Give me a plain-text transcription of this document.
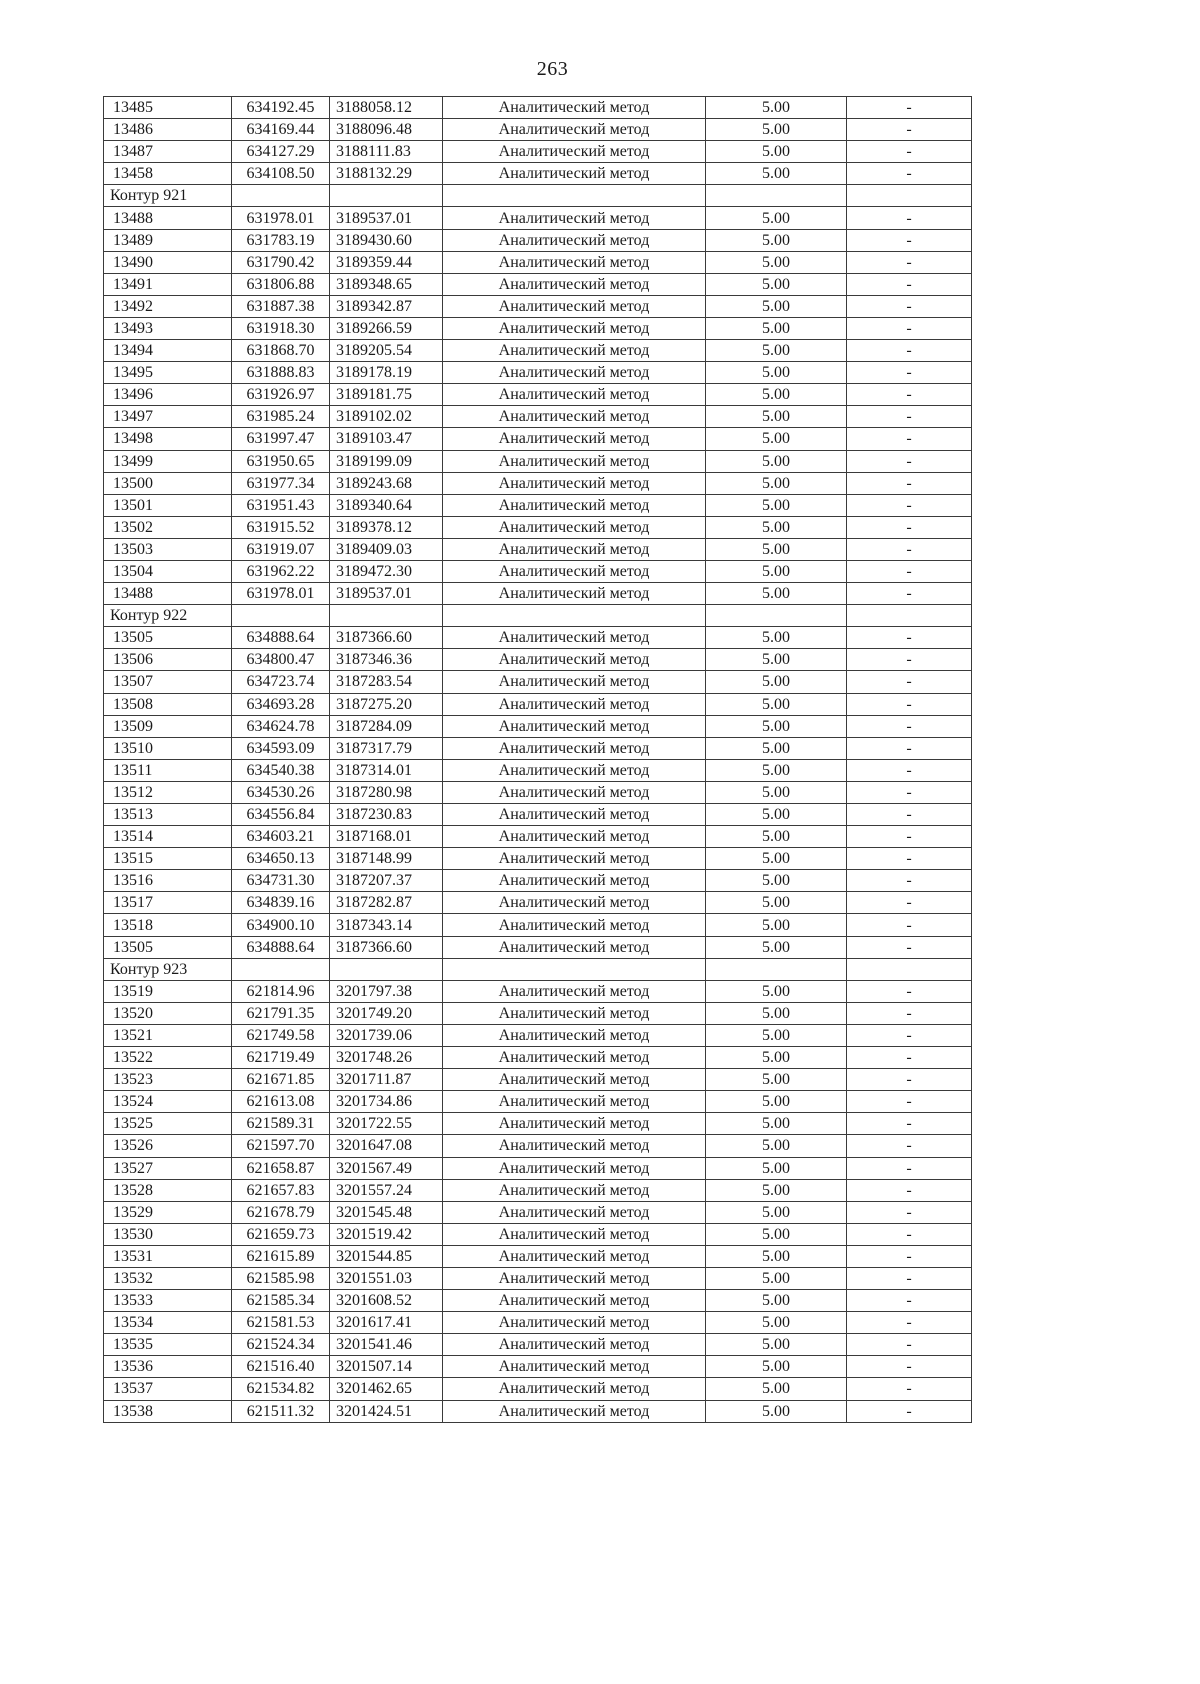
263
13485	634192.45	3188058.12	Аналитический метод	5.00	-
13486	634169.44	3188096.48	Аналитический метод	5.00	-
13487	634127.29	3188111.83	Аналитический метод	5.00	-
13458	634108.50	3188132.29	Аналитический метод	5.00	-
Контур 921					
13488	631978.01	3189537.01	Аналитический метод	5.00	-
13489	631783.19	3189430.60	Аналитический метод	5.00	-
13490	631790.42	3189359.44	Аналитический метод	5.00	-
13491	631806.88	3189348.65	Аналитический метод	5.00	-
13492	631887.38	3189342.87	Аналитический метод	5.00	-
13493	631918.30	3189266.59	Аналитический метод	5.00	-
13494	631868.70	3189205.54	Аналитический метод	5.00	-
13495	631888.83	3189178.19	Аналитический метод	5.00	-
13496	631926.97	3189181.75	Аналитический метод	5.00	-
13497	631985.24	3189102.02	Аналитический метод	5.00	-
13498	631997.47	3189103.47	Аналитический метод	5.00	-
13499	631950.65	3189199.09	Аналитический метод	5.00	-
13500	631977.34	3189243.68	Аналитический метод	5.00	-
13501	631951.43	3189340.64	Аналитический метод	5.00	-
13502	631915.52	3189378.12	Аналитический метод	5.00	-
13503	631919.07	3189409.03	Аналитический метод	5.00	-
13504	631962.22	3189472.30	Аналитический метод	5.00	-
13488	631978.01	3189537.01	Аналитический метод	5.00	-
Контур 922					
13505	634888.64	3187366.60	Аналитический метод	5.00	-
13506	634800.47	3187346.36	Аналитический метод	5.00	-
13507	634723.74	3187283.54	Аналитический метод	5.00	-
13508	634693.28	3187275.20	Аналитический метод	5.00	-
13509	634624.78	3187284.09	Аналитический метод	5.00	-
13510	634593.09	3187317.79	Аналитический метод	5.00	-
13511	634540.38	3187314.01	Аналитический метод	5.00	-
13512	634530.26	3187280.98	Аналитический метод	5.00	-
13513	634556.84	3187230.83	Аналитический метод	5.00	-
13514	634603.21	3187168.01	Аналитический метод	5.00	-
13515	634650.13	3187148.99	Аналитический метод	5.00	-
13516	634731.30	3187207.37	Аналитический метод	5.00	-
13517	634839.16	3187282.87	Аналитический метод	5.00	-
13518	634900.10	3187343.14	Аналитический метод	5.00	-
13505	634888.64	3187366.60	Аналитический метод	5.00	-
Контур 923					
13519	621814.96	3201797.38	Аналитический метод	5.00	-
13520	621791.35	3201749.20	Аналитический метод	5.00	-
13521	621749.58	3201739.06	Аналитический метод	5.00	-
13522	621719.49	3201748.26	Аналитический метод	5.00	-
13523	621671.85	3201711.87	Аналитический метод	5.00	-
13524	621613.08	3201734.86	Аналитический метод	5.00	-
13525	621589.31	3201722.55	Аналитический метод	5.00	-
13526	621597.70	3201647.08	Аналитический метод	5.00	-
13527	621658.87	3201567.49	Аналитический метод	5.00	-
13528	621657.83	3201557.24	Аналитический метод	5.00	-
13529	621678.79	3201545.48	Аналитический метод	5.00	-
13530	621659.73	3201519.42	Аналитический метод	5.00	-
13531	621615.89	3201544.85	Аналитический метод	5.00	-
13532	621585.98	3201551.03	Аналитический метод	5.00	-
13533	621585.34	3201608.52	Аналитический метод	5.00	-
13534	621581.53	3201617.41	Аналитический метод	5.00	-
13535	621524.34	3201541.46	Аналитический метод	5.00	-
13536	621516.40	3201507.14	Аналитический метод	5.00	-
13537	621534.82	3201462.65	Аналитический метод	5.00	-
13538	621511.32	3201424.51	Аналитический метод	5.00	-
